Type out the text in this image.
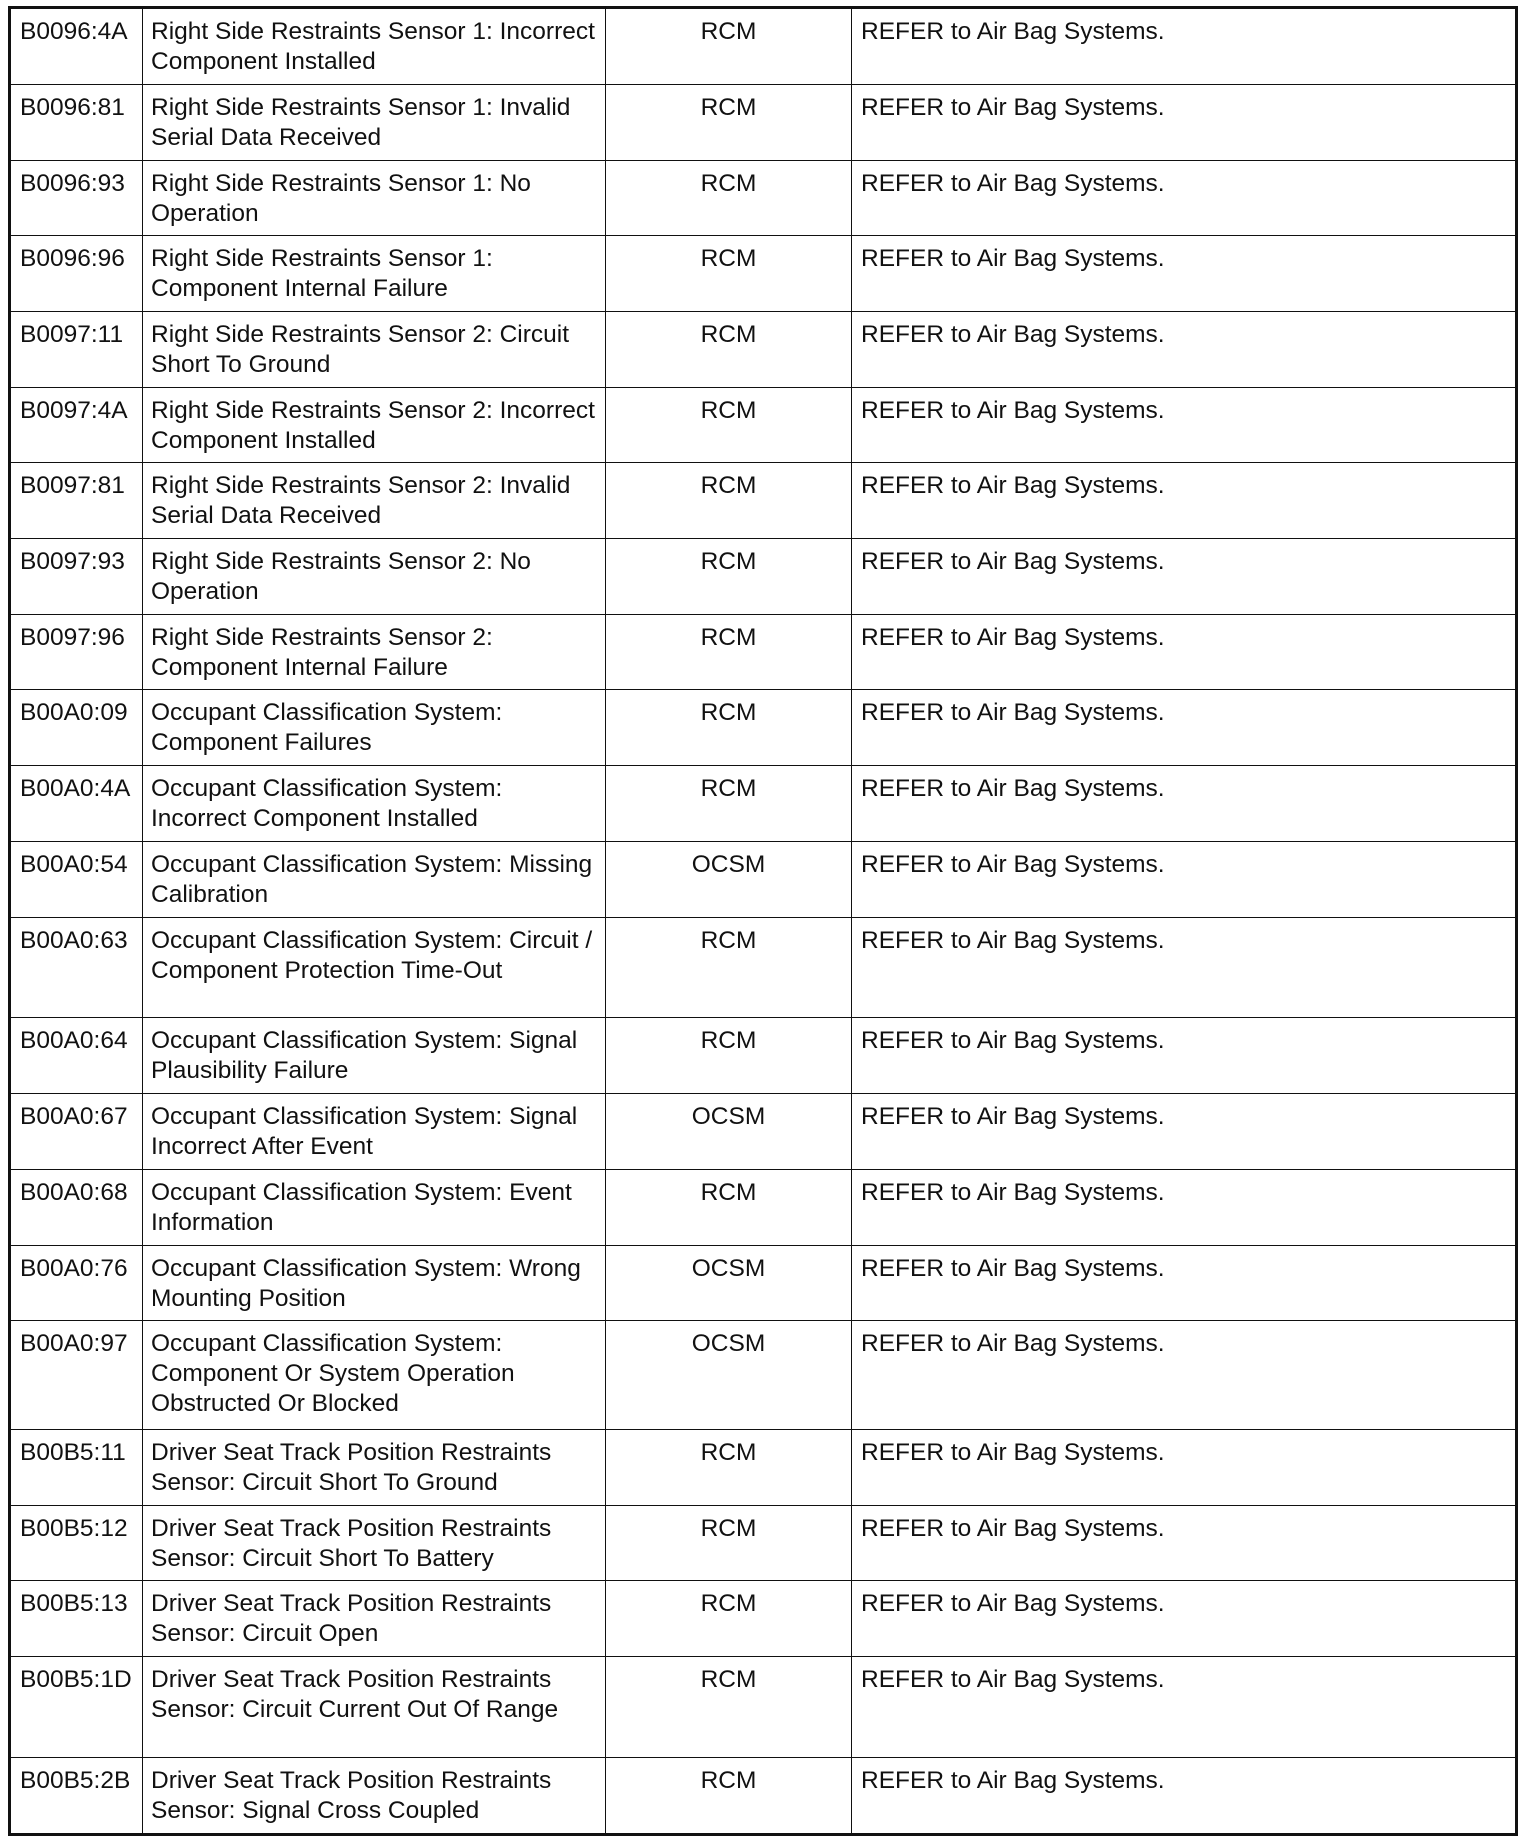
B0096:4A	Right Side Restraints Sensor 1: Incorrect Component Installed	RCM	REFER to Air Bag Systems.
B0096:81	Right Side Restraints Sensor 1: Invalid Serial Data Received	RCM	REFER to Air Bag Systems.
B0096:93	Right Side Restraints Sensor 1: No Operation	RCM	REFER to Air Bag Systems.
B0096:96	Right Side Restraints Sensor 1: Component Internal Failure	RCM	REFER to Air Bag Systems.
B0097:11	Right Side Restraints Sensor 2: Circuit Short To Ground	RCM	REFER to Air Bag Systems.
B0097:4A	Right Side Restraints Sensor 2: Incorrect Component Installed	RCM	REFER to Air Bag Systems.
B0097:81	Right Side Restraints Sensor 2: Invalid Serial Data Received	RCM	REFER to Air Bag Systems.
B0097:93	Right Side Restraints Sensor 2: No Operation	RCM	REFER to Air Bag Systems.
B0097:96	Right Side Restraints Sensor 2: Component Internal Failure	RCM	REFER to Air Bag Systems.
B00A0:09	Occupant Classification System: Component Failures	RCM	REFER to Air Bag Systems.
B00A0:4A	Occupant Classification System: Incorrect Component Installed	RCM	REFER to Air Bag Systems.
B00A0:54	Occupant Classification System: Missing Calibration	OCSM	REFER to Air Bag Systems.
B00A0:63	Occupant Classification System: Circuit / Component Protection Time-Out	RCM	REFER to Air Bag Systems.
B00A0:64	Occupant Classification System: Signal Plausibility Failure	RCM	REFER to Air Bag Systems.
B00A0:67	Occupant Classification System: Signal Incorrect After Event	OCSM	REFER to Air Bag Systems.
B00A0:68	Occupant Classification System: Event Information	RCM	REFER to Air Bag Systems.
B00A0:76	Occupant Classification System: Wrong Mounting Position	OCSM	REFER to Air Bag Systems.
B00A0:97	Occupant Classification System: Component Or System Operation Obstructed Or Blocked	OCSM	REFER to Air Bag Systems.
B00B5:11	Driver Seat Track Position Restraints Sensor: Circuit Short To Ground	RCM	REFER to Air Bag Systems.
B00B5:12	Driver Seat Track Position Restraints Sensor: Circuit Short To Battery	RCM	REFER to Air Bag Systems.
B00B5:13	Driver Seat Track Position Restraints Sensor: Circuit Open	RCM	REFER to Air Bag Systems.
B00B5:1D	Driver Seat Track Position Restraints Sensor: Circuit Current Out Of Range	RCM	REFER to Air Bag Systems.
B00B5:2B	Driver Seat Track Position Restraints Sensor: Signal Cross Coupled	RCM	REFER to Air Bag Systems.
